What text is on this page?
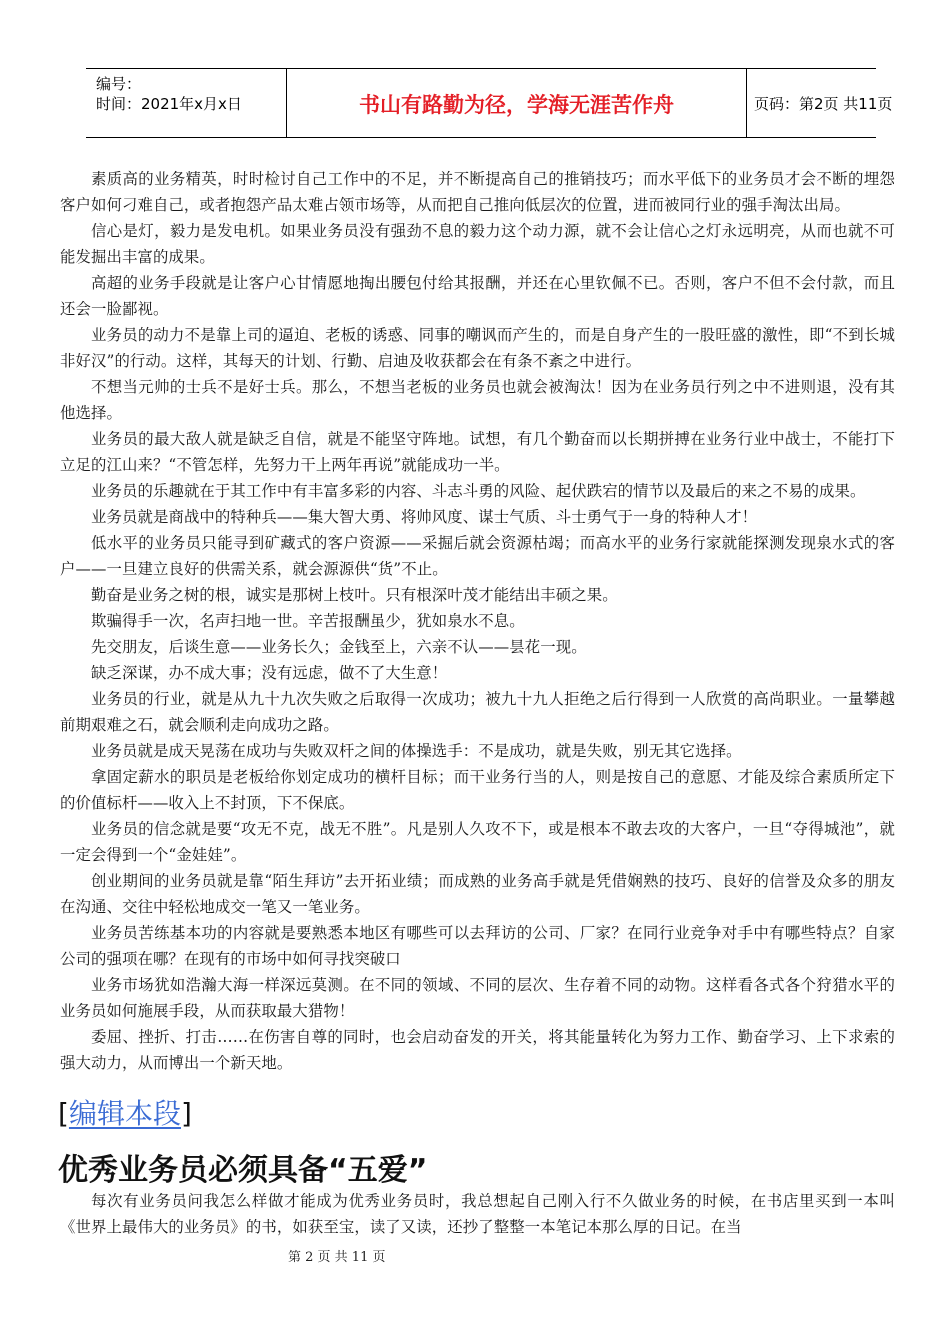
编号：
时间：2021年x月x日	书山有路勤为径，学海无涯苦作舟	页码：第2页 共11页

素质高的业务精英，时时检讨自己工作中的不足，并不断提高自己的推销技巧；而水平低下的业务员才会不断的埋怨客户如何刁难自己，或者抱怨产品太难占领市场等，从而把自己推向低层次的位置，进而被同行业的强手淘汰出局。

信心是灯，毅力是发电机。如果业务员没有强劲不息的毅力这个动力源，就不会让信心之灯永远明亮，从而也就不可能发掘出丰富的成果。

高超的业务手段就是让客户心甘情愿地掏出腰包付给其报酬，并还在心里钦佩不已。否则，客户不但不会付款，而且还会一脸鄙视。

业务员的动力不是靠上司的逼迫、老板的诱惑、同事的嘲讽而产生的，而是自身产生的一股旺盛的激性，即“不到长城非好汉”的行动。这样，其每天的计划、行勤、启迪及收获都会在有条不紊之中进行。

不想当元帅的士兵不是好士兵。那么，不想当老板的业务员也就会被淘汰！因为在业务员行列之中不进则退，没有其他选择。

业务员的最大敌人就是缺乏自信，就是不能坚守阵地。试想，有几个勤奋而以长期拼搏在业务行业中战士，不能打下立足的江山来？“不管怎样，先努力干上两年再说”就能成功一半。

业务员的乐趣就在于其工作中有丰富多彩的内容、斗志斗勇的风险、起伏跌宕的情节以及最后的来之不易的成果。

业务员就是商战中的特种兵——集大智大勇、将帅风度、谋士气质、斗士勇气于一身的特种人才！

低水平的业务员只能寻到矿藏式的客户资源——采掘后就会资源枯竭；而高水平的业务行家就能探测发现泉水式的客户——一旦建立良好的供需关系，就会源源供“货”不止。

勤奋是业务之树的根，诚实是那树上枝叶。只有根深叶茂才能结出丰硕之果。

欺骗得手一次，名声扫地一世。辛苦报酬虽少，犹如泉水不息。

先交朋友，后谈生意——业务长久；金钱至上，六亲不认——昙花一现。

缺乏深谋，办不成大事；没有远虑，做不了大生意！

业务员的行业，就是从九十九次失败之后取得一次成功；被九十九人拒绝之后行得到一人欣赏的高尚职业。一量攀越前期艰难之石，就会顺利走向成功之路。

业务员就是成天晃荡在成功与失败双杆之间的体操选手：不是成功，就是失败，别无其它选择。

拿固定薪水的职员是老板给你划定成功的横杆目标；而干业务行当的人，则是按自己的意愿、才能及综合素质所定下的价值标杆——收入上不封顶，下不保底。

业务员的信念就是要“攻无不克，战无不胜”。凡是别人久攻不下，或是根本不敢去攻的大客户，一旦“夺得城池”，就一定会得到一个“金娃娃”。

创业期间的业务员就是靠“陌生拜访”去开拓业绩；而成熟的业务高手就是凭借娴熟的技巧、良好的信誉及众多的朋友在沟通、交往中轻松地成交一笔又一笔业务。

业务员苦练基本功的内容就是要熟悉本地区有哪些可以去拜访的公司、厂家？在同行业竞争对手中有哪些特点？自家公司的强项在哪？在现有的市场中如何寻找突破口

业务市场犹如浩瀚大海一样深远莫测。在不同的领域、不同的层次、生存着不同的动物。这样看各式各个狩猎水平的业务员如何施展手段，从而获取最大猎物！

委屈、挫折、打击……在伤害自尊的同时，也会启动奋发的开关，将其能量转化为努力工作、勤奋学习、上下求索的强大动力，从而博出一个新天地。

[编辑本段]
优秀业务员必须具备“五爱”

每次有业务员问我怎么样做才能成为优秀业务员时，我总想起自己刚入行不久做业务的时候，在书店里买到一本叫《世界上最伟大的业务员》的书，如获至宝，读了又读，还抄了整整一本笔记本那么厚的日记。在当

第 2 页 共 11 页
